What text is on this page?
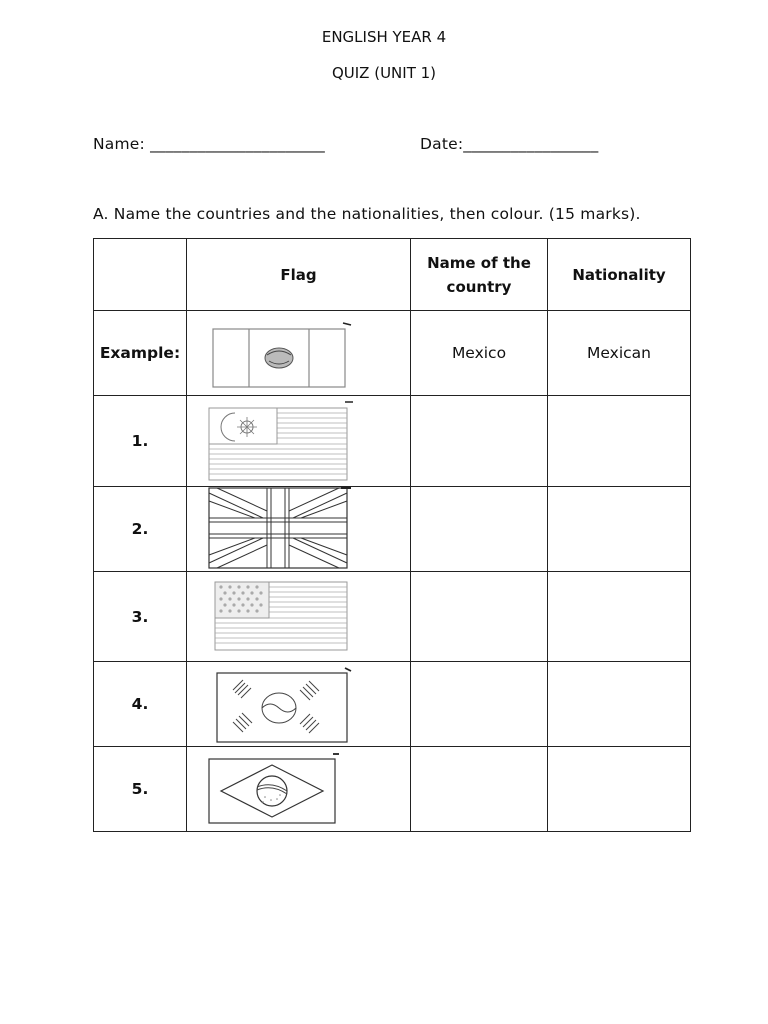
ENGLISH YEAR 4
QUIZ (UNIT 1)
Name: ______________________	Date:_________________
A. Name the countries and the nationalities, then colour. (15 marks).
	Flag	Name of the country	Nationality
Example:		Mexico	Mexican
1.	

2.	

3.	

4.	

5.	
